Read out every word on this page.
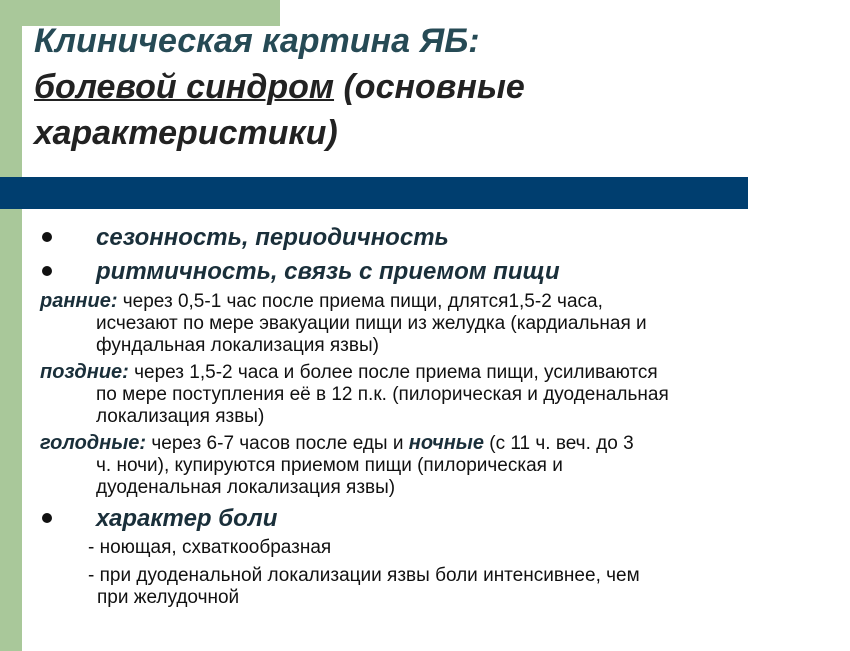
Клиническая картина ЯБ:
болевой синдром (основные
характеристики)
сезонность, периодичность
ритмичность, связь с приемом пищи
ранние: через 0,5-1 час после приема пищи, длятся1,5-2 часа,
исчезают по мере эвакуации пищи из желудка (кардиальная и
фундальная локализация язвы)
поздние: через 1,5-2 часа и более после приема пищи, усиливаются
по мере поступления её в 12 п.к. (пилорическая и дуоденальная
локализация язвы)
голодные: через 6-7 часов после еды и ночные (с 11 ч. веч. до 3
ч. ночи), купируются приемом пищи (пилорическая и
дуоденальная локализация язвы)
характер боли
- ноющая, схваткообразная
- при дуоденальной локализации язвы боли интенсивнее, чем
при желудочной
